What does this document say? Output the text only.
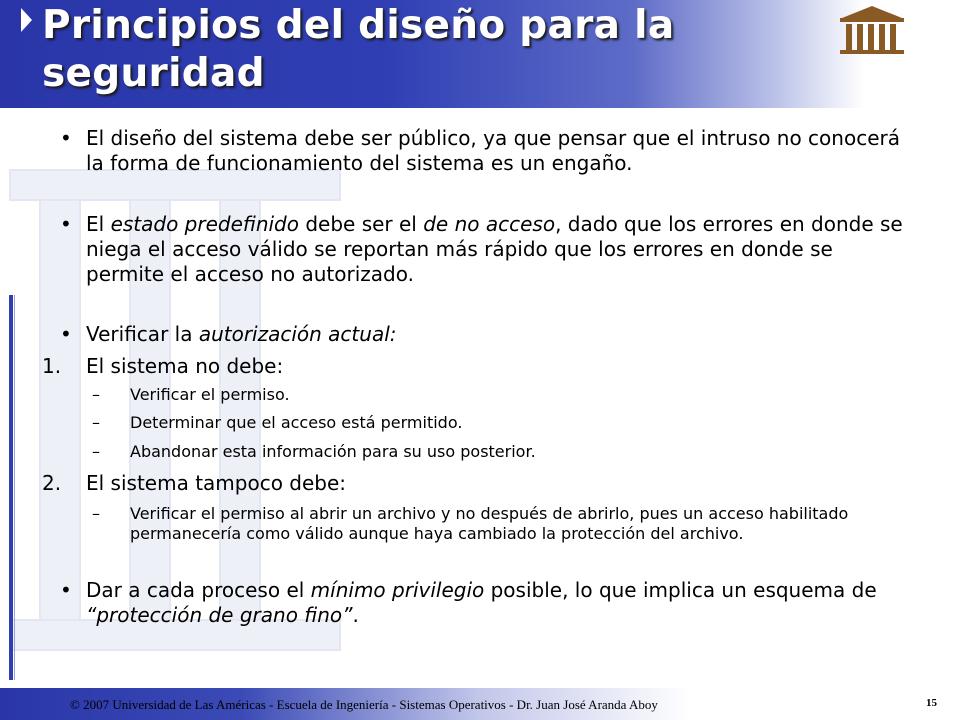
Principios del diseño para la seguridad
• El diseño del sistema debe ser público, ya que pensar que el intruso no conocerá la forma de funcionamiento del sistema es un engaño.
• El estado predefinido debe ser el de no acceso, dado que los errores en donde se niega el acceso válido se reportan más rápido que los errores en donde se permite el acceso no autorizado.
• Verificar la autorización actual:
1. El sistema no debe:
– Verificar el permiso.
– Determinar que el acceso está permitido.
– Abandonar esta información para su uso posterior.
2. El sistema tampoco debe:
– Verificar el permiso al abrir un archivo y no después de abrirlo, pues un acceso habilitado permanecería como válido aunque haya cambiado la protección del archivo.
• Dar a cada proceso el mínimo privilegio posible, lo que implica un esquema de “protección de grano fino”.
© 2007 Universidad de Las Américas - Escuela de Ingeniería - Sistemas Operativos - Dr. Juan José Aranda Aboy	15
